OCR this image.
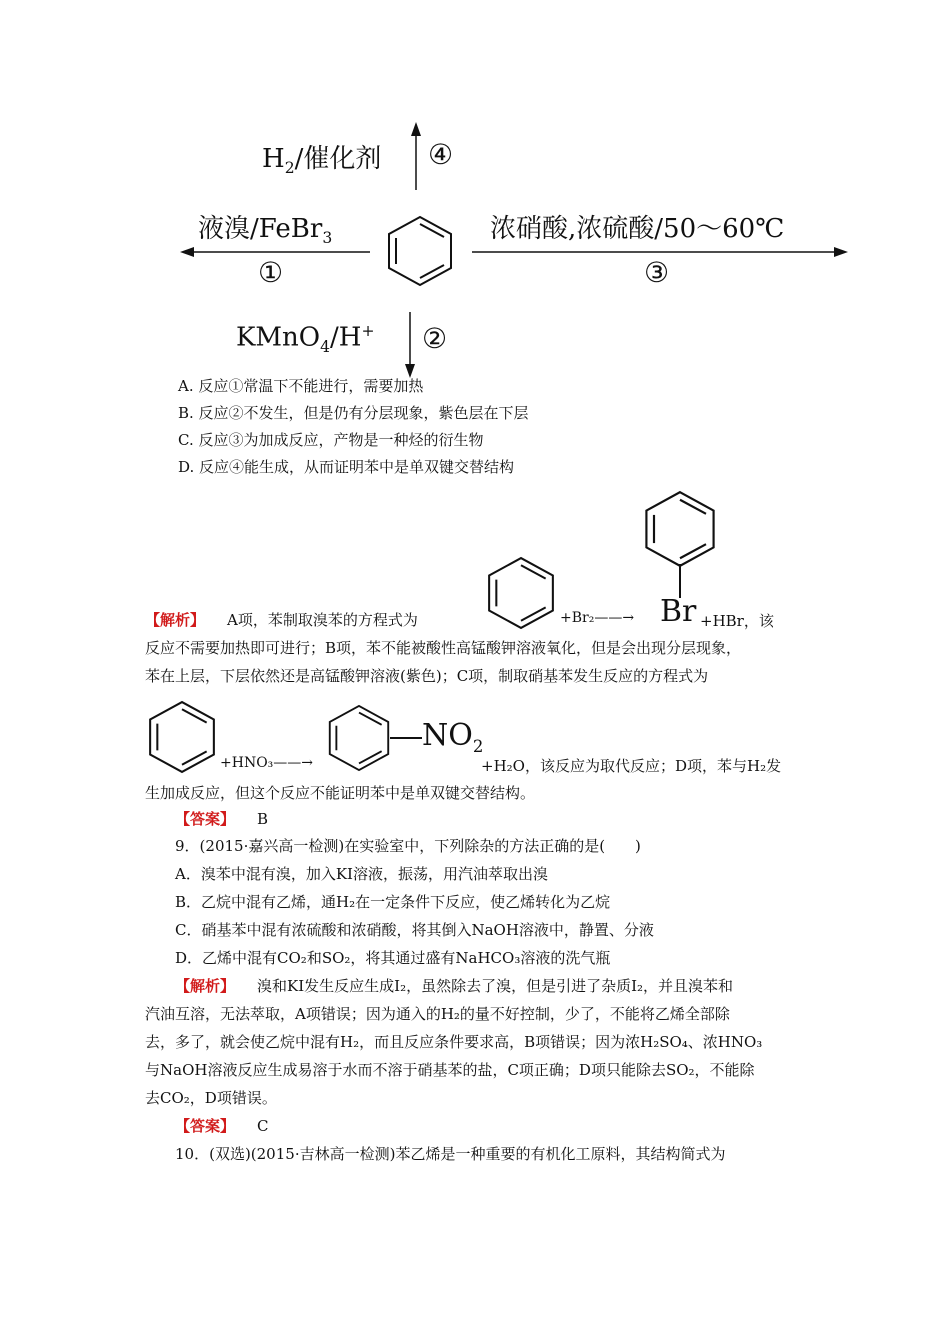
$H_2/$催化剂 ④
液溴/FeBr$_3$
①
浓硝酸,浓硫酸/50～60℃
③
KMnO$_4$/H+ ②
A. 反应①常温下不能进行，需要加热
B. 反应②不发生，但是仍有分层现象，紫色层在下层
C. 反应③为加成反应，产物是一种烃的衍生物
D. 反应④能生成，从而证明苯中是单双键交替结构
【解析】 A项，苯制取溴苯的方程式为	+Br₂——→ Br +HBr，该
反应不需要加热即可进行；B项，苯不能被酸性高锰酸钾溶液氧化，但是会出现分层现象，
苯在上层，下层依然还是高锰酸钾溶液(紫色)；C项，制取硝基苯发生反应的方程式为
+HNO₃——→
$NO_2$
+H₂O，该反应为取代反应；D项，苯与H₂发
生加成反应，但这个反应不能证明苯中是单双键交替结构。
【答案】 B
9．(2015·嘉兴高一检测)在实验室中，下列除杂的方法正确的是(　　)
A．溴苯中混有溴，加入KI溶液，振荡，用汽油萃取出溴
B．乙烷中混有乙烯，通H₂在一定条件下反应，使乙烯转化为乙烷
C．硝基苯中混有浓硫酸和浓硝酸，将其倒入NaOH溶液中，静置、分液
D．乙烯中混有CO₂和SO₂，将其通过盛有NaHCO₃溶液的洗气瓶
【解析】 溴和KI发生反应生成I₂，虽然除去了溴，但是引进了杂质I₂，并且溴苯和
汽油互溶，无法萃取，A项错误；因为通入的H₂的量不好控制，少了，不能将乙烯全部除
去，多了，就会使乙烷中混有H₂，而且反应条件要求高，B项错误；因为浓H₂SO₄、浓HNO₃
与NaOH溶液反应生成易溶于水而不溶于硝基苯的盐，C项正确；D项只能除去SO₂，不能除
去CO₂，D项错误。
【答案】 C
10．(双选)(2015·吉林高一检测)苯乙烯是一种重要的有机化工原料，其结构简式为
